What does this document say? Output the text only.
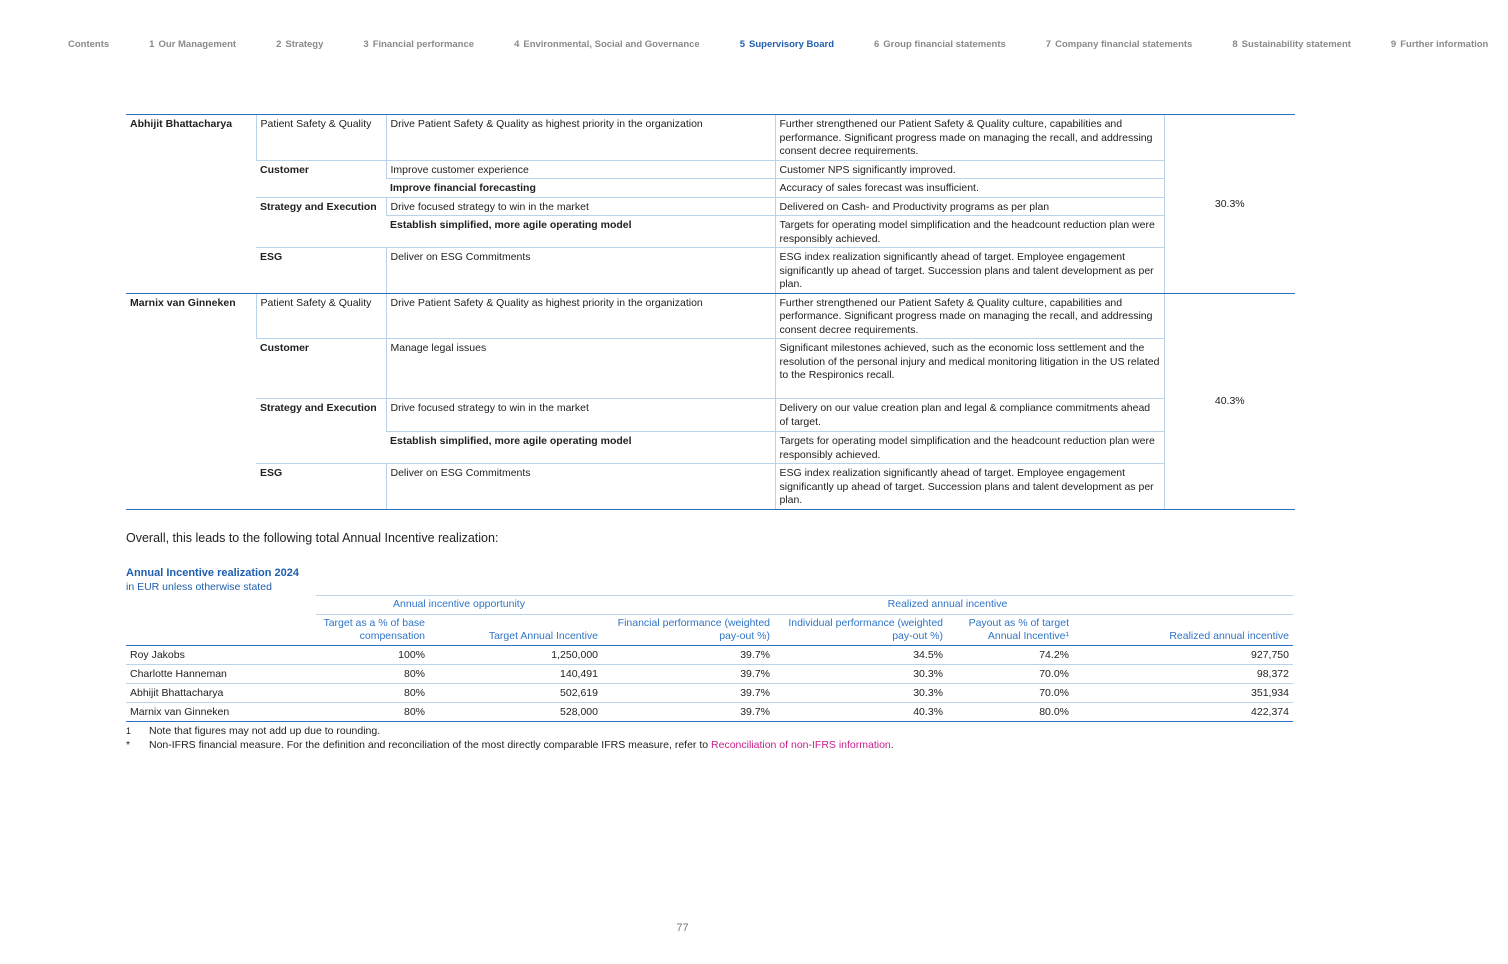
Contents	1 Our Management	2 Strategy	3 Financial performance	4 Environmental, Social and Governance	5 Supervisory Board	6 Group financial statements	7 Company financial statements	8 Sustainability statement	9 Further information
Abhijit Bhattacharya	Patient Safety & Quality	Drive Patient Safety & Quality as highest priority in the organization	Further strengthened our Patient Safety & Quality culture, capabilities and performance. Significant progress made on managing the recall, and addressing consent decree requirements.	30.3%
	Customer	Improve customer experience	Customer NPS significantly improved.	
		Improve financial forecasting	Accuracy of sales forecast was insufficient.	
	Strategy and Execution	Drive focused strategy to win in the market	Delivered on Cash- and Productivity programs as per plan	
		Establish simplified, more agile operating model	Targets for operating model simplification and the headcount reduction plan were responsibly achieved.	
	ESG	Deliver on ESG Commitments	ESG index realization significantly ahead of target. Employee engagement significantly up ahead of target. Succession plans and talent development as per plan.	
Marnix van Ginneken	Patient Safety & Quality	Drive Patient Safety & Quality as highest priority in the organization	Further strengthened our Patient Safety & Quality culture, capabilities and performance. Significant progress made on managing the recall, and addressing consent decree requirements.	40.3%
	Customer	Manage legal issues	Significant milestones achieved, such as the economic loss settlement and the resolution of the personal injury and medical monitoring litigation in the US related to the Respironics recall.	
	Strategy and Execution	Drive focused strategy to win in the market	Delivery on our value creation plan and legal & compliance commitments ahead of target.	
		Establish simplified, more agile operating model	Targets for operating model simplification and the headcount reduction plan were responsibly achieved.	
	ESG	Deliver on ESG Commitments	ESG index realization significantly ahead of target. Employee engagement significantly up ahead of target. Succession plans and talent development as per plan.	
Overall, this leads to the following total Annual Incentive realization:
Annual Incentive realization 2024
in EUR unless otherwise stated
	Annual incentive opportunity		Realized annual incentive			
	Target as a % of base compensation	Target Annual Incentive	Financial performance (weighted pay-out %)	Individual performance (weighted pay-out %)	Payout as % of target Annual Incentive¹	Realized annual incentive
Roy Jakobs	100%	1,250,000	39.7%	34.5%	74.2%	927,750
Charlotte Hanneman	80%	140,491	39.7%	30.3%	70.0%	98,372
Abhijit Bhattacharya	80%	502,619	39.7%	30.3%	70.0%	351,934
Marnix van Ginneken	80%	528,000	39.7%	40.3%	80.0%	422,374
1	Note that figures may not add up due to rounding.
*	Non-IFRS financial measure. For the definition and reconciliation of the most directly comparable IFRS measure, refer to Reconciliation of non-IFRS information.
77
